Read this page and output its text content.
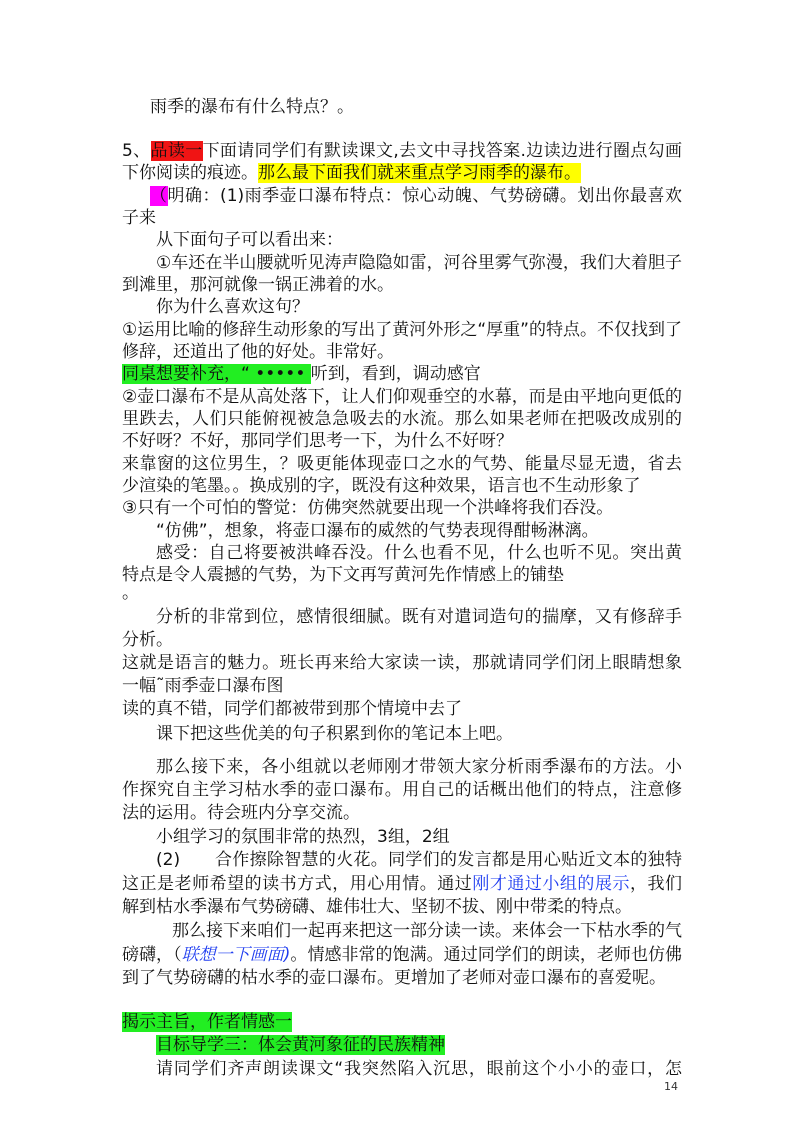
雨季的瀑布有什么特点？。
5、品读一下面请同学们有默读课文,去文中寻找答案.边读边进行圈点勾画
下你阅读的痕迹。那么最下面我们就来重点学习雨季的瀑布。
（明确：(1)雨季壶口瀑布特点：惊心动魄、气势磅礴。划出你最喜欢
子来
从下面句子可以看出来：
①车还在半山腰就听见涛声隐隐如雷，河谷里雾气弥漫，我们大着胆子
到滩里，那河就像一锅正沸着的水。
你为什么喜欢这句？
①运用比喻的修辞生动形象的写出了黄河外形之“厚重”的特点。不仅找到了
修辞，还道出了他的好处。非常好。
同桌想要补充，“ ••••• 听到，看到，调动感官
②壶口瀑布不是从高处落下，让人们仰观垂空的水幕，而是由平地向更低的
里跌去，人们只能俯视被急急吸去的水流。那么如果老师在把吸改成别的
不好呀？不好，那同学们思考一下，为什么不好呀？
来靠窗的这位男生，？吸更能体现壶口之水的气势、能量尽显无遗，省去
少渲染的笔墨。。换成别的字，既没有这种效果，语言也不生动形象了
③只有一个可怕的警觉：仿佛突然就要出现一个洪峰将我们吞没。
“仿佛”，想象，将壶口瀑布的威然的气势表现得酣畅淋漓。
感受：自己将要被洪峰吞没。什么也看不见，什么也听不见。突出黄
特点是令人震撼的气势，为下文再写黄河先作情感上的铺垫
。
分析的非常到位，感情很细腻。既有对遣词造句的揣摩，又有修辞手
分析。
这就是语言的魅力。班长再来给大家读一读，那就请同学们闭上眼睛想象
一幅˜雨季壶口瀑布图
读的真不错，同学们都被带到那个情境中去了
课下把这些优美的句子积累到你的笔记本上吧。
那么接下来，各小组就以老师刚才带领大家分析雨季瀑布的方法。小
作探究自主学习枯水季的壶口瀑布。用自己的话概出他们的特点，注意修
法的运用。待会班内分享交流。
小组学习的氛围非常的热烈，3组，2组
(2)　　合作擦除智慧的火花。同学们的发言都是用心贴近文本的独特
这正是老师希望的读书方式，用心用情。通过刚才通过小组的展示，我们
解到枯水季瀑布气势磅礴、雄伟壮大、坚韧不拔、刚中带柔的特点。
那么接下来咱们一起再来把这一部分读一读。来体会一下枯水季的气
磅礴，（联想一下画面)。情感非常的饱满。通过同学们的朗读，老师也仿佛
到了气势磅礴的枯水季的壶口瀑布。更增加了老师对壶口瀑布的喜爱呢。
揭示主旨，作者情感一
目标导学三：体会黄河象征的民族精神
请同学们齐声朗读课文“我突然陷入沉思，眼前这个小小的壶口，怎
14
